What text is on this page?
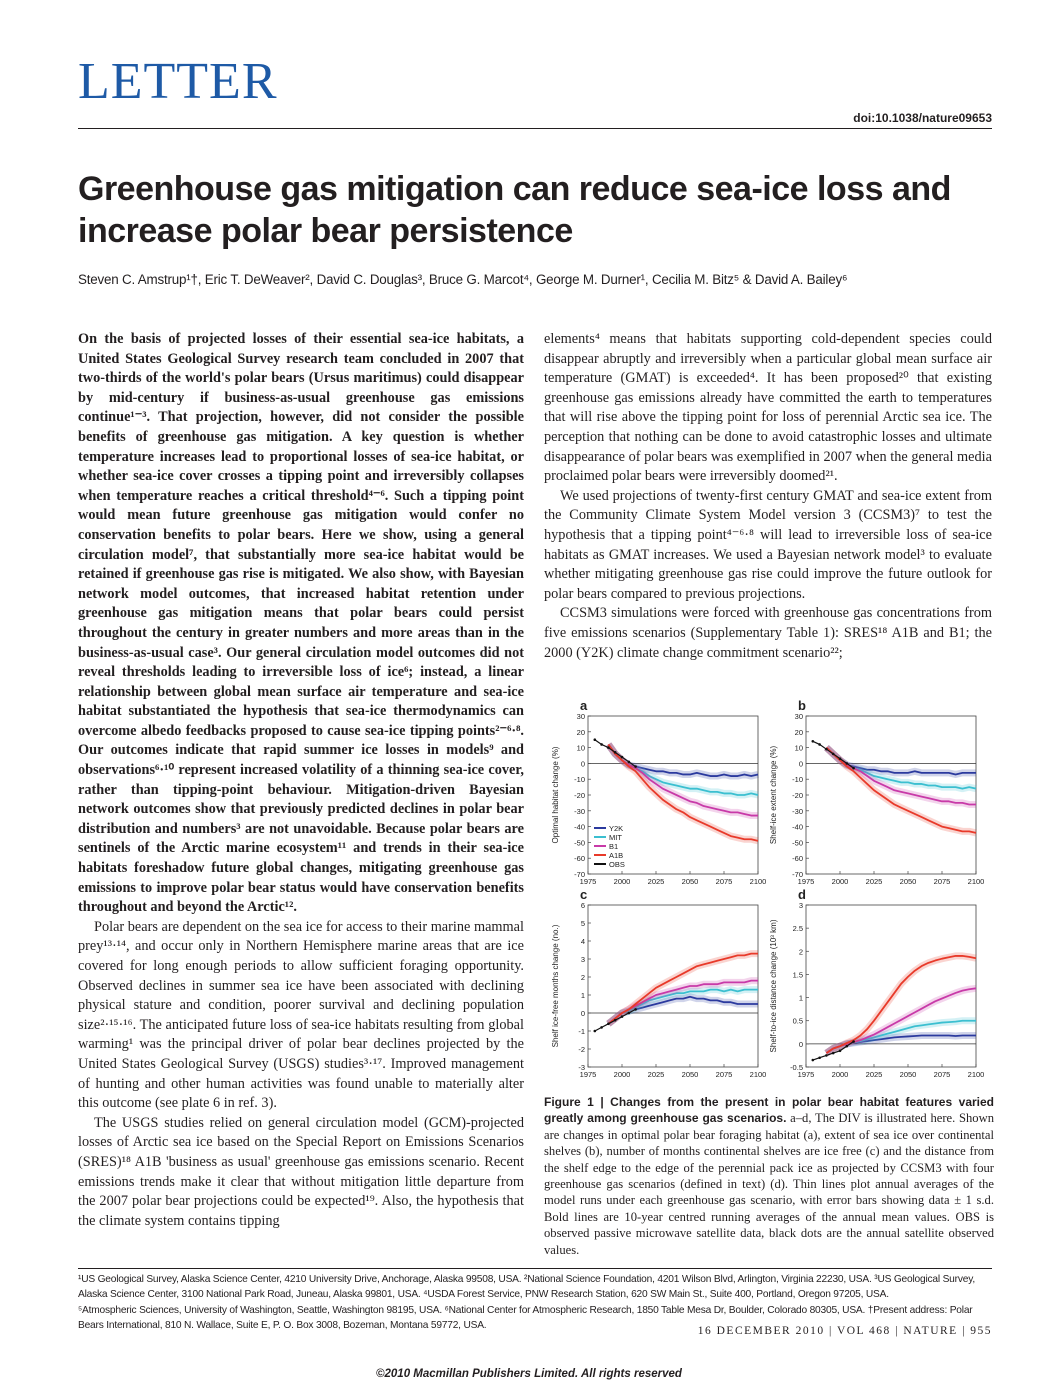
LETTER
doi:10.1038/nature09653
Greenhouse gas mitigation can reduce sea-ice loss and increase polar bear persistence
Steven C. Amstrup¹†, Eric T. DeWeaver², David C. Douglas³, Bruce G. Marcot⁴, George M. Durner¹, Cecilia M. Bitz⁵ & David A. Bailey⁶

On the basis of projected losses of their essential sea-ice habitats, a United States Geological Survey research team concluded in 2007 that two-thirds of the world's polar bears (Ursus maritimus) could disappear by mid-century if business-as-usual greenhouse gas emissions continue¹⁻³. That projection, however, did not consider the possible benefits of greenhouse gas mitigation. A key question is whether temperature increases lead to proportional losses of sea-ice habitat, or whether sea-ice cover crosses a tipping point and irreversibly collapses when temperature reaches a critical threshold⁴⁻⁶. Such a tipping point would mean future greenhouse gas mitigation would confer no conservation benefits to polar bears. Here we show, using a general circulation model⁷, that substantially more sea-ice habitat would be retained if greenhouse gas rise is mitigated. We also show, with Bayesian network model outcomes, that increased habitat retention under greenhouse gas mitigation means that polar bears could persist throughout the century in greater numbers and more areas than in the business-as-usual case³. Our general circulation model outcomes did not reveal thresholds leading to irreversible loss of ice⁶; instead, a linear relationship between global mean surface air temperature and sea-ice habitat substantiated the hypothesis that sea-ice thermodynamics can overcome albedo feedbacks proposed to cause sea-ice tipping points²⁻⁶·⁸. Our outcomes indicate that rapid summer ice losses in models⁹ and observations⁶·¹⁰ represent increased volatility of a thinning sea-ice cover, rather than tipping-point behaviour. Mitigation-driven Bayesian network outcomes show that previously predicted declines in polar bear distribution and numbers³ are not unavoidable. Because polar bears are sentinels of the Arctic marine ecosystem¹¹ and trends in their sea-ice habitats foreshadow future global changes, mitigating greenhouse gas emissions to improve polar bear status would have conservation benefits throughout and beyond the Arctic¹².

Polar bears are dependent on the sea ice for access to their marine mammal prey¹³·¹⁴, and occur only in Northern Hemisphere marine areas that are ice covered for long enough periods to allow sufficient foraging opportunity. Observed declines in summer sea ice have been associated with declining physical stature and condition, poorer survival and declining population size²·¹⁵·¹⁶. The anticipated future loss of sea-ice habitats resulting from global warming¹ was the principal driver of polar bear declines projected by the United States Geological Survey (USGS) studies³·¹⁷. Improved management of hunting and other human activities was found unable to materially alter this outcome (see plate 6 in ref. 3).

The USGS studies relied on general circulation model (GCM)-projected losses of Arctic sea ice based on the Special Report on Emissions Scenarios (SRES)¹⁸ A1B 'business as usual' greenhouse gas emissions scenario. Recent emissions trends make it clear that without mitigation little departure from the 2007 polar bear projections could be expected¹⁹. Also, the hypothesis that the climate system contains tipping

elements⁴ means that habitats supporting cold-dependent species could disappear abruptly and irreversibly when a particular global mean surface air temperature (GMAT) is exceeded⁴. It has been proposed²⁰ that existing greenhouse gas emissions already have committed the earth to temperatures that will rise above the tipping point for loss of perennial Arctic sea ice. The perception that nothing can be done to avoid catastrophic losses and ultimate disappearance of polar bears was exemplified in 2007 when the general media proclaimed polar bears were irreversibly doomed²¹.

We used projections of twenty-first century GMAT and sea-ice extent from the Community Climate System Model version 3 (CCSM3)⁷ to test the hypothesis that a tipping point⁴⁻⁶·⁸ will lead to irreversible loss of sea-ice habitats as GMAT increases. We used a Bayesian network model³ to evaluate whether mitigating greenhouse gas rise could improve the future outlook for polar bears compared to previous projections.

CCSM3 simulations were forced with greenhouse gas concentrations from five emissions scenarios (Supplementary Table 1): SRES¹⁸ A1B and B1; the 2000 (Y2K) climate change commitment scenario²²;

a
30
20
10
0
-10
-20
-30
-40
-50
-60
-70
1975 2000 2025 2050 2075 2100
Optimal habitat change (%)	Y2K
MIT
B1
A1B
OBS
b
30
20
10
0
-10
-20
-30
-40
-50
-60
-70
1975 2000 2025 2050 2075 2100
Shelf-ice extent change (%)
c
6
5
4
3
2
1
0
-1
-2
-3
1975 2000 2025 2050 2075 2100
Shelf ice-free months change (no.)
d
3
2.5
2
1.5
1
0.5
0
-0.5
1975 2000 2025 2050 2075 2100
Shelf-to-ice distance change (10³ km)
Figure 1 | Changes from the present in polar bear habitat features varied greatly among greenhouse gas scenarios. a–d, The DIV is illustrated here. Shown are changes in optimal polar bear foraging habitat (a), extent of sea ice over continental shelves (b), number of months continental shelves are ice free (c) and the distance from the shelf edge to the edge of the perennial pack ice as projected by CCSM3 with four greenhouse gas scenarios (defined in text) (d). Thin lines plot annual averages of the model runs under each greenhouse gas scenario, with error bars showing data ± 1 s.d. Bold lines are 10-year centred running averages of the annual mean values. OBS is observed passive microwave satellite data, black dots are the annual satellite observed values.
¹US Geological Survey, Alaska Science Center, 4210 University Drive, Anchorage, Alaska 99508, USA. ²National Science Foundation, 4201 Wilson Blvd, Arlington, Virginia 22230, USA. ³US Geological Survey, Alaska Science Center, 3100 National Park Road, Juneau, Alaska 99801, USA. ⁴USDA Forest Service, PNW Research Station, 620 SW Main St., Suite 400, Portland, Oregon 97205, USA.
⁵Atmospheric Sciences, University of Washington, Seattle, Washington 98195, USA. ⁶National Center for Atmospheric Research, 1850 Table Mesa Dr, Boulder, Colorado 80305, USA. †Present address: Polar Bears International, 810 N. Wallace, Suite E, P. O. Box 3008, Bozeman, Montana 59772, USA.	16 DECEMBER 2010 | VOL 468 | NATURE | 955
©2010 Macmillan Publishers Limited. All rights reserved
